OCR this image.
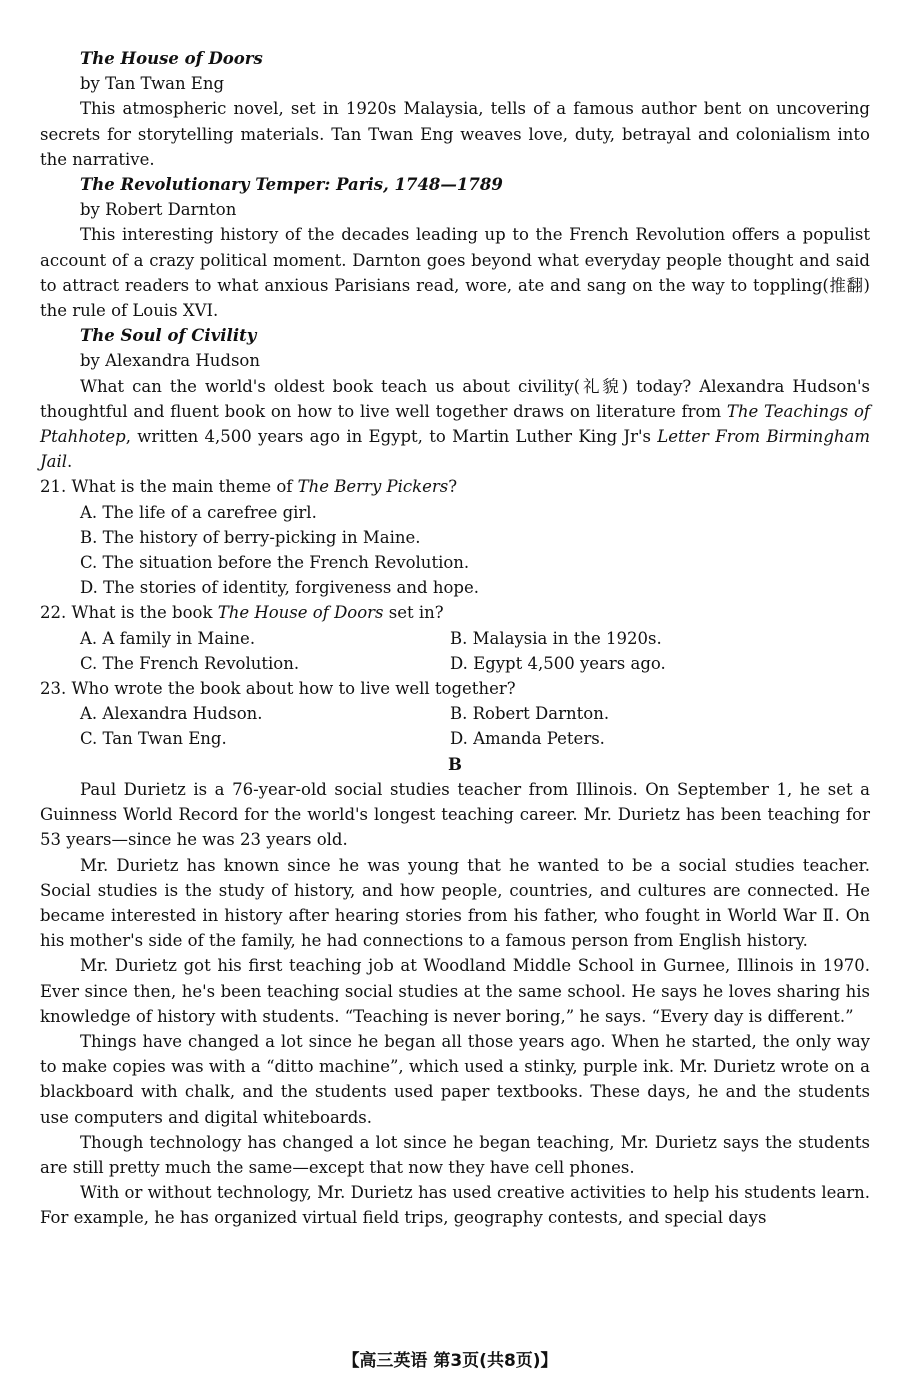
The House of Doors
by Tan Twan Eng

This atmospheric novel, set in 1920s Malaysia, tells of a famous author bent on uncovering secrets for storytelling materials. Tan Twan Eng weaves love, duty, betrayal and colonialism into the narrative.

The Revolutionary Temper: Paris, 1748—1789
by Robert Darnton

This interesting history of the decades leading up to the French Revolution offers a populist account of a crazy political moment. Darnton goes beyond what everyday people thought and said to attract readers to what anxious Parisians read, wore, ate and sang on the way to toppling(推翻) the rule of Louis XVI.

The Soul of Civility
by Alexandra Hudson

What can the world's oldest book teach us about civility(礼貌) today? Alexandra Hudson's thoughtful and fluent book on how to live well together draws on literature from The Teachings of Ptahhotep, written 4,500 years ago in Egypt, to Martin Luther King Jr's Letter From Birmingham Jail.

21. What is the main theme of The Berry Pickers?

A. The life of a carefree girl.
B. The history of berry-picking in Maine.
C. The situation before the French Revolution.
D. The stories of identity, forgiveness and hope.

22. What is the book The House of Doors set in?

A. A family in Maine.	B. Malaysia in the 1920s.
C. The French Revolution.	D. Egypt 4,500 years ago.

23. Who wrote the book about how to live well together?

A. Alexandra Hudson.	B. Robert Darnton.
C. Tan Twan Eng.	D. Amanda Peters.

B

Paul Durietz is a 76-year-old social studies teacher from Illinois. On September 1, he set a Guinness World Record for the world's longest teaching career. Mr. Durietz has been teaching for 53 years—since he was 23 years old.

Mr. Durietz has known since he was young that he wanted to be a social studies teacher. Social studies is the study of history, and how people, countries, and cultures are connected. He became interested in history after hearing stories from his father, who fought in World War Ⅱ. On his mother's side of the family, he had connections to a famous person from English history.

Mr. Durietz got his first teaching job at Woodland Middle School in Gurnee, Illinois in 1970. Ever since then, he's been teaching social studies at the same school. He says he loves sharing his knowledge of history with students. “Teaching is never boring,” he says. “Every day is different.”

Things have changed a lot since he began all those years ago. When he started, the only way to make copies was with a “ditto machine”, which used a stinky, purple ink. Mr. Durietz wrote on a blackboard with chalk, and the students used paper textbooks. These days, he and the students use computers and digital whiteboards.

Though technology has changed a lot since he began teaching, Mr. Durietz says the students are still pretty much the same—except that now they have cell phones.

With or without technology, Mr. Durietz has used creative activities to help his students learn. For example, he has organized virtual field trips, geography contests, and special days

【高三英语 第3页(共8页)】
